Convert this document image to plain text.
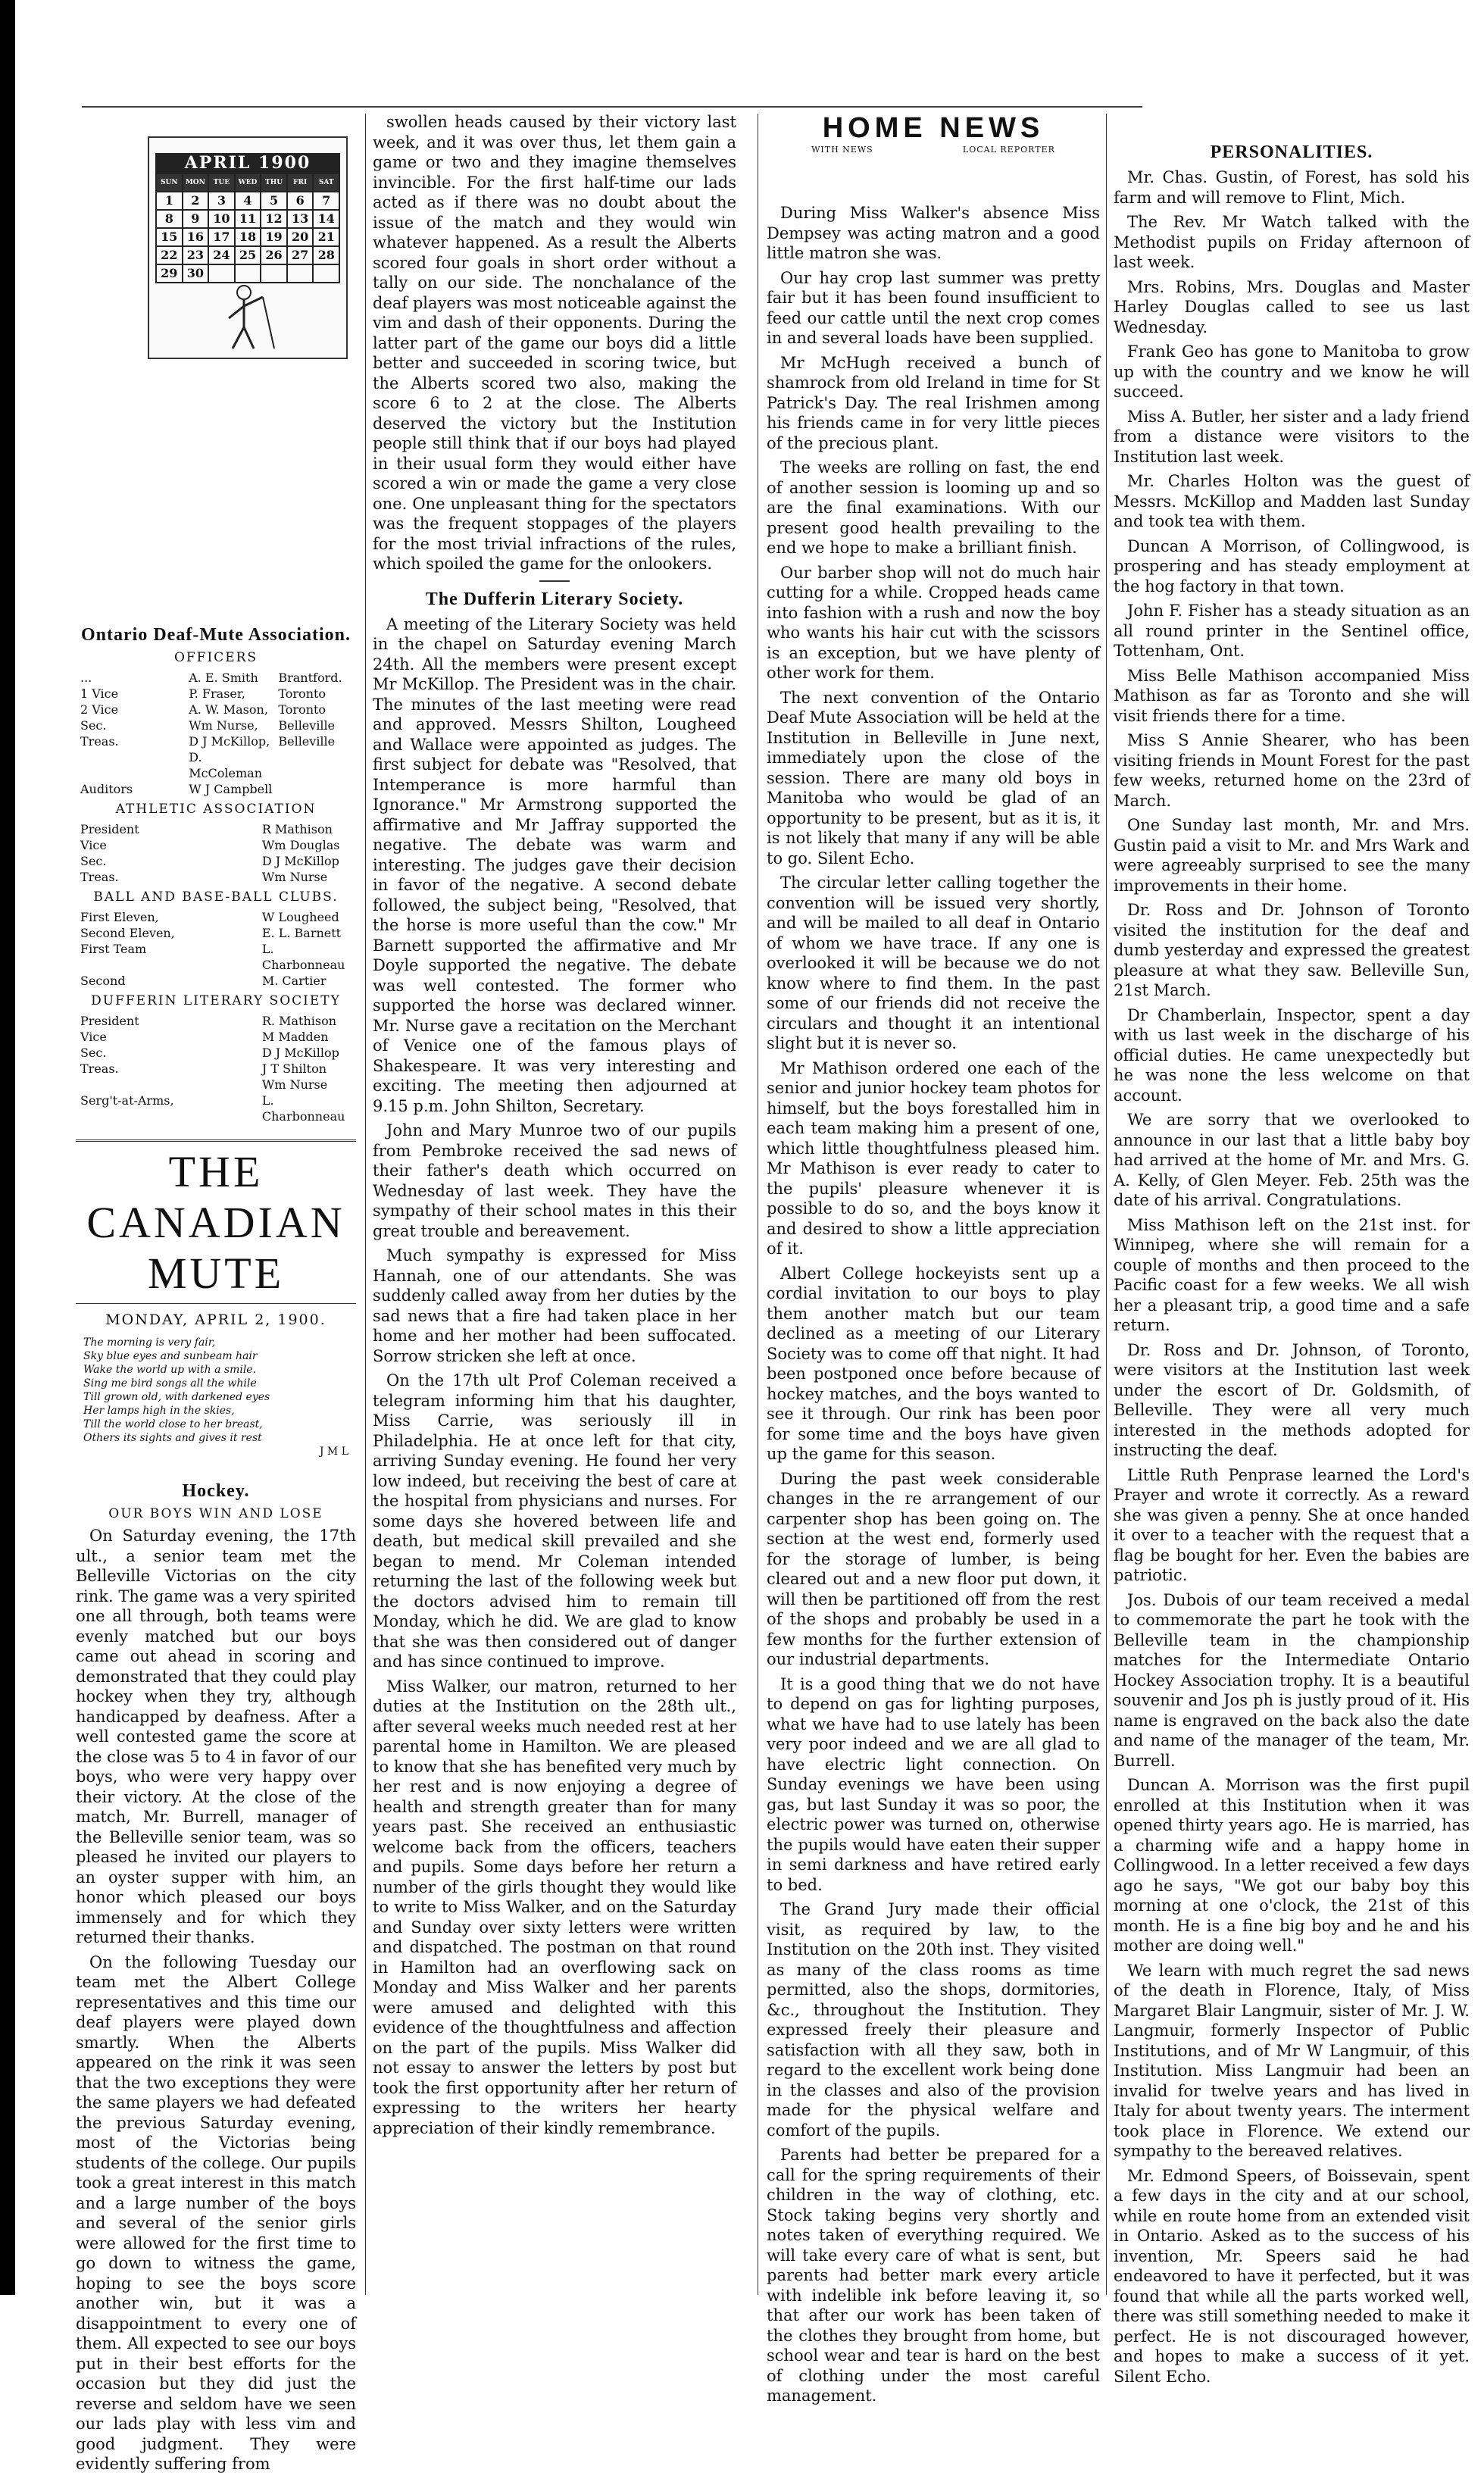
APRIL 1900
SUN	MON	TUE	WED	THU	FRI	SAT
1	2	3	4	5	6	7
8	9	10 11 12 13 14
15 16 17 18 19 20 21
22 23 24 25 26 27 28
29 30
Ontario Deaf-Mute Association.
OFFICERS
...	A. E. Smith	Brantford.
1 Vice	P. Fraser,	Toronto
2 Vice	A. W. Mason, Toronto
Sec.	Wm Nurse,	Belleville
Treas.	D J McKillop, Belleville
D. McColeman
Auditors	W J Campbell
ATHLETIC ASSOCIATION
President	R Mathison
Vice	Wm Douglas
Sec.	D J McKillop
Treas.	Wm Nurse
BALL AND BASE-BALL CLUBS.
First Eleven,	W Lougheed
Second Eleven,	E. L. Barnett
First Team	L. Charbonneau
Second	M. Cartier
DUFFERIN LITERARY SOCIETY
President	R. Mathison
Vice	M Madden
Sec.	D J McKillop
Treas.	J T Shilton
Wm Nurse
Serg't-at-Arms,	L. Charbonneau
THE CANADIAN MUTE
MONDAY, APRIL 2, 1900.
The morning is very fair,
Sky blue eyes and sunbeam hair
Wake the world up with a smile.
Sing me bird songs all the while
Till grown old, with darkened eyes
Her lamps high in the skies,
Till the world close to her breast,
Others its sights and gives it rest
J M L
Hockey.
OUR BOYS WIN AND LOSE

On Saturday evening, the 17th ult., a senior team met the Belleville Victorias on the city rink. The game was a very spirited one all through, both teams were evenly matched but our boys came out ahead in scoring and demonstrated that they could play hockey when they try, although handicapped by deafness. After a well contested game the score at the close was 5 to 4 in favor of our boys, who were very happy over their victory. At the close of the match, Mr. Burrell, manager of the Belleville senior team, was so pleased he invited our players to an oyster supper with him, an honor which pleased our boys immensely and for which they returned their thanks.

On the following Tuesday our team met the Albert College representatives and this time our deaf players were played down smartly. When the Alberts appeared on the rink it was seen that the two exceptions they were the same players we had defeated the previous Saturday evening, most of the Victorias being students of the college. Our pupils took a great interest in this match and a large number of the boys and several of the senior girls were allowed for the first time to go down to witness the game, hoping to see the boys score another win, but it was a disappointment to every one of them. All expected to see our boys put in their best efforts for the occasion but they did just the reverse and seldom have we seen our lads play with less vim and good judgment. They were evidently suffering from

swollen heads caused by their victory last week, and it was over thus, let them gain a game or two and they imagine themselves invincible. For the first half-time our lads acted as if there was no doubt about the issue of the match and they would win whatever happened. As a result the Alberts scored four goals in short order without a tally on our side. The nonchalance of the deaf players was most noticeable against the vim and dash of their opponents. During the latter part of the game our boys did a little better and succeeded in scoring twice, but the Alberts scored two also, making the score 6 to 2 at the close. The Alberts deserved the victory but the Institution people still think that if our boys had played in their usual form they would either have scored a win or made the game a very close one. One unpleasant thing for the spectators was the frequent stoppages of the players for the most trivial infractions of the rules, which spoiled the game for the onlookers.

The Dufferin Literary Society.

A meeting of the Literary Society was held in the chapel on Saturday evening March 24th. All the members were present except Mr McKillop. The President was in the chair. The minutes of the last meeting were read and approved. Messrs Shilton, Lougheed and Wallace were appointed as judges. The first subject for debate was "Resolved, that Intemperance is more harmful than Ignorance." Mr Armstrong supported the affirmative and Mr Jaffray supported the negative. The debate was warm and interesting. The judges gave their decision in favor of the negative. A second debate followed, the subject being, "Resolved, that the horse is more useful than the cow." Mr Barnett supported the affirmative and Mr Doyle supported the negative. The debate was well contested. The former who supported the horse was declared winner. Mr. Nurse gave a recitation on the Merchant of Venice one of the famous plays of Shakespeare. It was very interesting and exciting. The meeting then adjourned at 9.15 p.m. John Shilton, Secretary.

John and Mary Munroe two of our pupils from Pembroke received the sad news of their father's death which occurred on Wednesday of last week. They have the sympathy of their school mates in this their great trouble and bereavement.

Much sympathy is expressed for Miss Hannah, one of our attendants. She was suddenly called away from her duties by the sad news that a fire had taken place in her home and her mother had been suffocated. Sorrow stricken she left at once.

On the 17th ult Prof Coleman received a telegram informing him that his daughter, Miss Carrie, was seriously ill in Philadelphia. He at once left for that city, arriving Sunday evening. He found her very low indeed, but receiving the best of care at the hospital from physicians and nurses. For some days she hovered between life and death, but medical skill prevailed and she began to mend. Mr Coleman intended returning the last of the following week but the doctors advised him to remain till Monday, which he did. We are glad to know that she was then considered out of danger and has since continued to improve.

Miss Walker, our matron, returned to her duties at the Institution on the 28th ult., after several weeks much needed rest at her parental home in Hamilton. We are pleased to know that she has benefited very much by her rest and is now enjoying a degree of health and strength greater than for many years past. She received an enthusiastic welcome back from the officers, teachers and pupils. Some days before her return a number of the girls thought they would like to write to Miss Walker, and on the Saturday and Sunday over sixty letters were written and dispatched. The postman on that round in Hamilton had an overflowing sack on Monday and Miss Walker and her parents were amused and delighted with this evidence of the thoughtfulness and affection on the part of the pupils. Miss Walker did not essay to answer the letters by post but took the first opportunity after her return of expressing to the writers her hearty appreciation of their kindly remembrance.

HOME NEWS
WITH NEWS	LOCAL REPORTER

During Miss Walker's absence Miss Dempsey was acting matron and a good little matron she was.

Our hay crop last summer was pretty fair but it has been found insufficient to feed our cattle until the next crop comes in and several loads have been supplied.

Mr McHugh received a bunch of shamrock from old Ireland in time for St Patrick's Day. The real Irishmen among his friends came in for very little pieces of the precious plant.

The weeks are rolling on fast, the end of another session is looming up and so are the final examinations. With our present good health prevailing to the end we hope to make a brilliant finish.

Our barber shop will not do much hair cutting for a while. Cropped heads came into fashion with a rush and now the boy who wants his hair cut with the scissors is an exception, but we have plenty of other work for them.

The next convention of the Ontario Deaf Mute Association will be held at the Institution in Belleville in June next, immediately upon the close of the session. There are many old boys in Manitoba who would be glad of an opportunity to be present, but as it is, it is not likely that many if any will be able to go. Silent Echo.

The circular letter calling together the convention will be issued very shortly, and will be mailed to all deaf in Ontario of whom we have trace. If any one is overlooked it will be because we do not know where to find them. In the past some of our friends did not receive the circulars and thought it an intentional slight but it is never so.

Mr Mathison ordered one each of the senior and junior hockey team photos for himself, but the boys forestalled him in each team making him a present of one, which little thoughtfulness pleased him. Mr Mathison is ever ready to cater to the pupils' pleasure whenever it is possible to do so, and the boys know it and desired to show a little appreciation of it.

Albert College hockeyists sent up a cordial invitation to our boys to play them another match but our team declined as a meeting of our Literary Society was to come off that night. It had been postponed once before because of hockey matches, and the boys wanted to see it through. Our rink has been poor for some time and the boys have given up the game for this season.

During the past week considerable changes in the re arrangement of our carpenter shop has been going on. The section at the west end, formerly used for the storage of lumber, is being cleared out and a new floor put down, it will then be partitioned off from the rest of the shops and probably be used in a few months for the further extension of our industrial departments.

It is a good thing that we do not have to depend on gas for lighting purposes, what we have had to use lately has been very poor indeed and we are all glad to have electric light connection. On Sunday evenings we have been using gas, but last Sunday it was so poor, the electric power was turned on, otherwise the pupils would have eaten their supper in semi darkness and have retired early to bed.

The Grand Jury made their official visit, as required by law, to the Institution on the 20th inst. They visited as many of the class rooms as time permitted, also the shops, dormitories, &c., throughout the Institution. They expressed freely their pleasure and satisfaction with all they saw, both in regard to the excellent work being done in the classes and also of the provision made for the physical welfare and comfort of the pupils.

Parents had better be prepared for a call for the spring requirements of their children in the way of clothing, etc. Stock taking begins very shortly and notes taken of everything required. We will take every care of what is sent, but parents had better mark every article with indelible ink before leaving it, so that after our work has been taken of the clothes they brought from home, but school wear and tear is hard on the best of clothing under the most careful management.

PERSONALITIES.

Mr. Chas. Gustin, of Forest, has sold his farm and will remove to Flint, Mich.

The Rev. Mr Watch talked with the Methodist pupils on Friday afternoon of last week.

Mrs. Robins, Mrs. Douglas and Master Harley Douglas called to see us last Wednesday.

Frank Geo has gone to Manitoba to grow up with the country and we know he will succeed.

Miss A. Butler, her sister and a lady friend from a distance were visitors to the Institution last week.

Mr. Charles Holton was the guest of Messrs. McKillop and Madden last Sunday and took tea with them.

Duncan A Morrison, of Collingwood, is prospering and has steady employment at the hog factory in that town.

John F. Fisher has a steady situation as an all round printer in the Sentinel office, Tottenham, Ont.

Miss Belle Mathison accompanied Miss Mathison as far as Toronto and she will visit friends there for a time.

Miss S Annie Shearer, who has been visiting friends in Mount Forest for the past few weeks, returned home on the 23rd of March.

One Sunday last month, Mr. and Mrs. Gustin paid a visit to Mr. and Mrs Wark and were agreeably surprised to see the many improvements in their home.

Dr. Ross and Dr. Johnson of Toronto visited the institution for the deaf and dumb yesterday and expressed the greatest pleasure at what they saw. Belleville Sun, 21st March.

Dr Chamberlain, Inspector, spent a day with us last week in the discharge of his official duties. He came unexpectedly but he was none the less welcome on that account.

We are sorry that we overlooked to announce in our last that a little baby boy had arrived at the home of Mr. and Mrs. G. A. Kelly, of Glen Meyer. Feb. 25th was the date of his arrival. Congratulations.

Miss Mathison left on the 21st inst. for Winnipeg, where she will remain for a couple of months and then proceed to the Pacific coast for a few weeks. We all wish her a pleasant trip, a good time and a safe return.

Dr. Ross and Dr. Johnson, of Toronto, were visitors at the Institution last week under the escort of Dr. Goldsmith, of Belleville. They were all very much interested in the methods adopted for instructing the deaf.

Little Ruth Penprase learned the Lord's Prayer and wrote it correctly. As a reward she was given a penny. She at once handed it over to a teacher with the request that a flag be bought for her. Even the babies are patriotic.

Jos. Dubois of our team received a medal to commemorate the part he took with the Belleville team in the championship matches for the Intermediate Ontario Hockey Association trophy. It is a beautiful souvenir and Jos ph is justly proud of it. His name is engraved on the back also the date and name of the manager of the team, Mr. Burrell.

Duncan A. Morrison was the first pupil enrolled at this Institution when it was opened thirty years ago. He is married, has a charming wife and a happy home in Collingwood. In a letter received a few days ago he says, "We got our baby boy this morning at one o'clock, the 21st of this month. He is a fine big boy and he and his mother are doing well."

We learn with much regret the sad news of the death in Florence, Italy, of Miss Margaret Blair Langmuir, sister of Mr. J. W. Langmuir, formerly Inspector of Public Institutions, and of Mr W Langmuir, of this Institution. Miss Langmuir had been an invalid for twelve years and has lived in Italy for about twenty years. The interment took place in Florence. We extend our sympathy to the bereaved relatives.

Mr. Edmond Speers, of Boissevain, spent a few days in the city and at our school, while en route home from an extended visit in Ontario. Asked as to the success of his invention, Mr. Speers said he had endeavored to have it perfected, but it was found that while all the parts worked well, there was still something needed to make it perfect. He is not discouraged however, and hopes to make a success of it yet. Silent Echo.
